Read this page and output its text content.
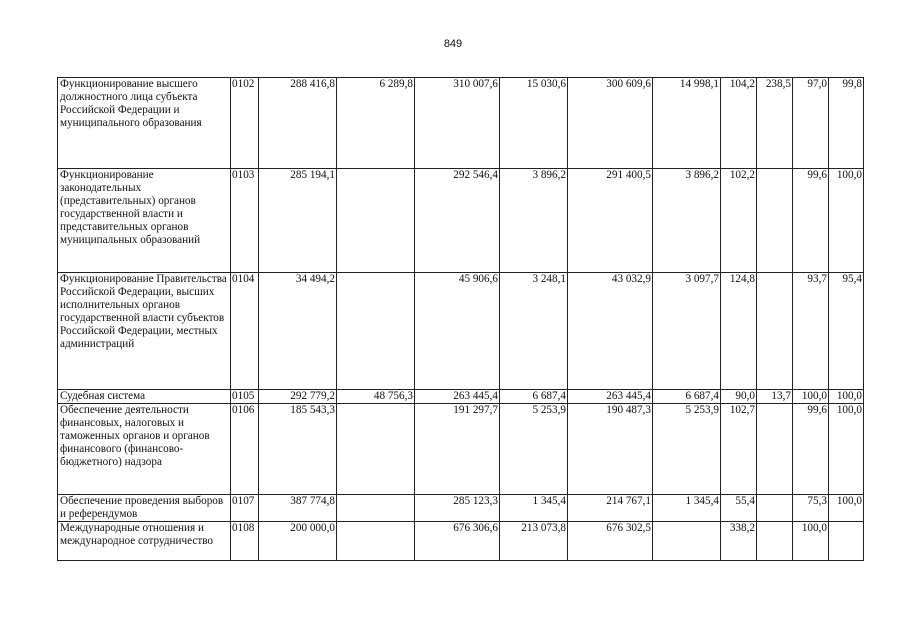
849
Функционирование высшего должностного лица субъекта Российской Федерации и муниципального образования	0102	288 416,8	6 289,8	310 007,6	15 030,6	300 609,6	14 998,1	104,2	238,5	97,0	99,8
Функционирование законодательных (представительных) органов государственной власти и представительных органов муниципальных образований	0103	285 194,1		292 546,4	3 896,2	291 400,5	3 896,2	102,2		99,6	100,0
Функционирование Правительства Российской Федерации, высших исполнительных органов государственной власти субъектов Российской Федерации, местных администраций	0104	34 494,2		45 906,6	3 248,1	43 032,9	3 097,7	124,8		93,7	95,4
Судебная система	0105	292 779,2	48 756,3	263 445,4	6 687,4	263 445,4	6 687,4	90,0	13,7	100,0	100,0
Обеспечение деятельности финансовых, налоговых и таможенных органов и органов финансового (финансово-бюджетного) надзора	0106	185 543,3		191 297,7	5 253,9	190 487,3	5 253,9	102,7		99,6	100,0
Обеспечение проведения выборов и референдумов	0107	387 774,8		285 123,3	1 345,4	214 767,1	1 345,4	55,4		75,3	100,0
Международные отношения и международное сотрудничество	0108	200 000,0		676 306,6	213 073,8	676 302,5		338,2		100,0	
